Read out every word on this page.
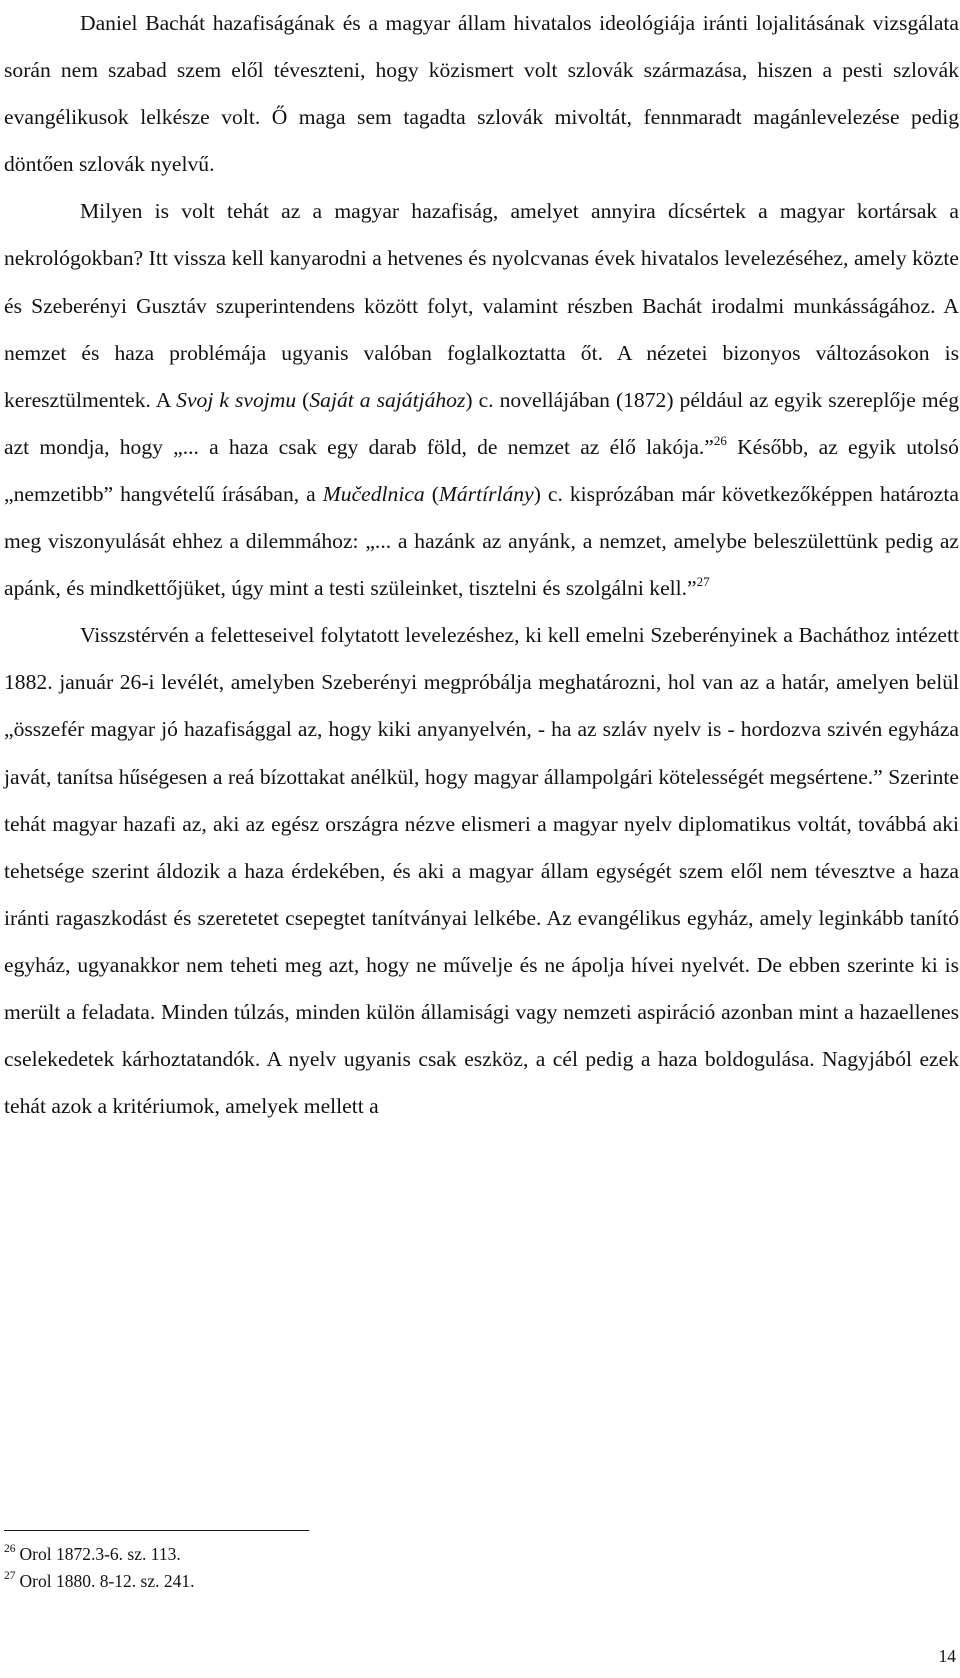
Daniel Bachát hazafiságának és a magyar állam hivatalos ideológiája iránti lojalitásának vizsgálata során nem szabad szem elől téveszteni, hogy közismert volt szlovák származása, hiszen a pesti szlovák evangélikusok lelkésze volt. Ő maga sem tagadta szlovák mivoltát, fennmaradt magánlevelezése pedig döntően szlovák nyelvű.

Milyen is volt tehát az a magyar hazafiság, amelyet annyira dícsértek a magyar kortársak a nekrológokban? Itt vissza kell kanyarodni a hetvenes és nyolcvanas évek hivatalos levelezéséhez, amely közte és Szeberényi Gusztáv szuperintendens között folyt, valamint részben Bachát irodalmi munkásságához. A nemzet és haza problémája ugyanis valóban foglalkoztatta őt. A nézetei bizonyos változásokon is keresztülmentek. A Svoj k svojmu (Saját a sajátjához) c. novellájában (1872) például az egyik szereplője még azt mondja, hogy „... a haza csak egy darab föld, de nemzet az élő lakója.”$^{26}$ Később, az egyik utolsó „nemzetibb” hangvételű írásában, a Mučedlnica (Mártírlány) c. kisprózában már következőképpen határozta meg viszonyulását ehhez a dilemmához: „... a hazánk az anyánk, a nemzet, amelybe beleszülettünk pedig az apánk, és mindkettőjüket, úgy mint a testi szüleinket, tisztelni és szolgálni kell.”$^{27}$

Visszstérvén a feletteseivel folytatott levelezéshez, ki kell emelni Szeberényinek a Bacháthoz intézett 1882. január 26-i levélét, amelyben Szeberényi megpróbálja meghatározni, hol van az a határ, amelyen belül „összefér magyar jó hazafisággal az, hogy kiki anyanyelvén, - ha az szláv nyelv is - hordozva szivén egyháza javát, tanítsa hűségesen a reá bízottakat anélkül, hogy magyar állampolgári kötelességét megsértene.” Szerinte tehát magyar hazafi az, aki az egész országra nézve elismeri a magyar nyelv diplomatikus voltát, továbbá aki tehetsége szerint áldozik a haza érdekében, és aki a magyar állam egységét szem elől nem tévesztve a haza iránti ragaszkodást és szeretetet csepegtet tanítványai lelkébe. Az evangélikus egyház, amely leginkább tanító egyház, ugyanakkor nem teheti meg azt, hogy ne művelje és ne ápolja hívei nyelvét. De ebben szerinte ki is merült a feladata. Minden túlzás, minden külön államisági vagy nemzeti aspiráció azonban mint a hazaellenes cselekedetek kárhoztatandók. A nyelv ugyanis csak eszköz, a cél pedig a haza boldogulása. Nagyjából ezek tehát azok a kritériumok, amelyek mellett a

$^{26}$ Orol 1872.3-6. sz. 113.
$^{27}$ Orol 1880. 8-12. sz. 241.
14
